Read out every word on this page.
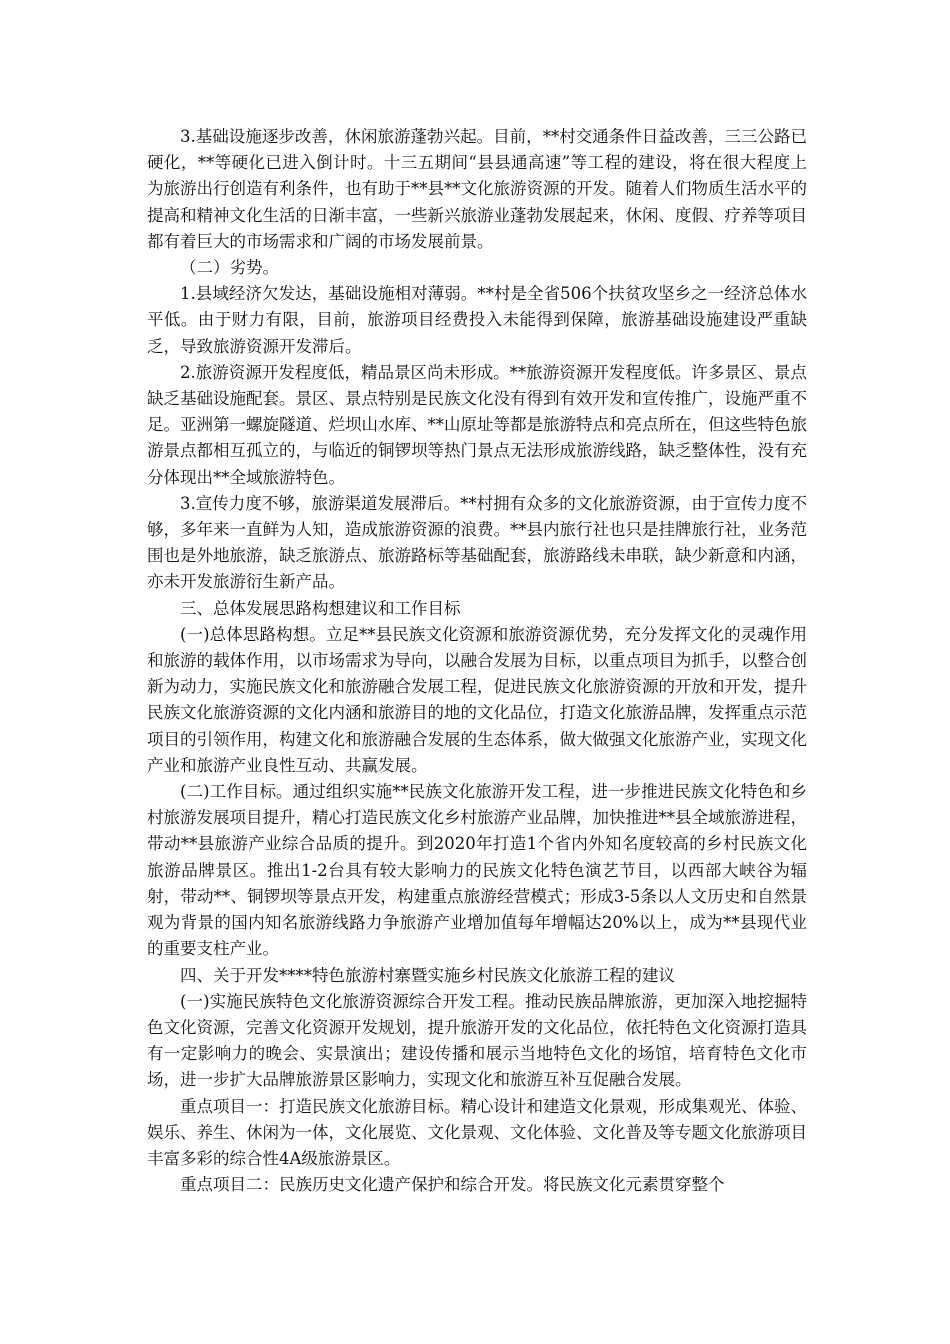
3.基础设施逐步改善，休闲旅游蓬勃兴起。目前，**村交通条件日益改善，三三公路已硬化，**等硬化已进入倒计时。十三五期间“县县通高速”等工程的建设，将在很大程度上为旅游出行创造有利条件，也有助于**县**文化旅游资源的开发。随着人们物质生活水平的提高和精神文化生活的日渐丰富，一些新兴旅游业蓬勃发展起来，休闲、度假、疗养等项目都有着巨大的市场需求和广阔的市场发展前景。

（二）劣势。

1.县域经济欠发达，基础设施相对薄弱。**村是全省506个扶贫攻坚乡之一经济总体水平低。由于财力有限，目前，旅游项目经费投入未能得到保障，旅游基础设施建设严重缺乏，导致旅游资源开发滞后。

2.旅游资源开发程度低，精品景区尚未形成。**旅游资源开发程度低。许多景区、景点缺乏基础设施配套。景区、景点特别是民族文化没有得到有效开发和宣传推广，设施严重不足。亚洲第一螺旋隧道、烂坝山水库、**山原址等都是旅游特点和亮点所在，但这些特色旅游景点都相互孤立的，与临近的铜锣坝等热门景点无法形成旅游线路，缺乏整体性，没有充分体现出**全域旅游特色。

3.宣传力度不够，旅游渠道发展滞后。**村拥有众多的文化旅游资源，由于宣传力度不够，多年来一直鲜为人知，造成旅游资源的浪费。**县内旅行社也只是挂牌旅行社，业务范围也是外地旅游，缺乏旅游点、旅游路标等基础配套，旅游路线未串联，缺少新意和内涵，亦未开发旅游衍生新产品。

三、总体发展思路构想建议和工作目标

(一)总体思路构想。立足**县民族文化资源和旅游资源优势，充分发挥文化的灵魂作用和旅游的载体作用，以市场需求为导向，以融合发展为目标，以重点项目为抓手，以整合创新为动力，实施民族文化和旅游融合发展工程，促进民族文化旅游资源的开放和开发，提升民族文化旅游资源的文化内涵和旅游目的地的文化品位，打造文化旅游品牌，发挥重点示范项目的引领作用，构建文化和旅游融合发展的生态体系，做大做强文化旅游产业，实现文化产业和旅游产业良性互动、共赢发展。

(二)工作目标。通过组织实施**民族文化旅游开发工程，进一步推进民族文化特色和乡村旅游发展项目提升，精心打造民族文化乡村旅游产业品牌，加快推进**县全域旅游进程，带动**县旅游产业综合品质的提升。到2020年打造1个省内外知名度较高的乡村民族文化旅游品牌景区。推出1-2台具有较大影响力的民族文化特色演艺节目，以西部大峡谷为辐射，带动**、铜锣坝等景点开发，构建重点旅游经营模式；形成3-5条以人文历史和自然景观为背景的国内知名旅游线路力争旅游产业增加值每年增幅达20%以上，成为**县现代业的重要支柱产业。

四、关于开发****特色旅游村寨暨实施乡村民族文化旅游工程的建议

(一)实施民族特色文化旅游资源综合开发工程。推动民族品牌旅游，更加深入地挖掘特色文化资源，完善文化资源开发规划，提升旅游开发的文化品位，依托特色文化资源打造具有一定影响力的晚会、实景演出；建设传播和展示当地特色文化的场馆，培育特色文化市场，进一步扩大品牌旅游景区影响力，实现文化和旅游互补互促融合发展。

重点项目一：打造民族文化旅游目标。精心设计和建造文化景观，形成集观光、体验、娱乐、养生、休闲为一体，文化展览、文化景观、文化体验、文化普及等专题文化旅游项目丰富多彩的综合性4A级旅游景区。

重点项目二：民族历史文化遗产保护和综合开发。将民族文化元素贯穿整个
